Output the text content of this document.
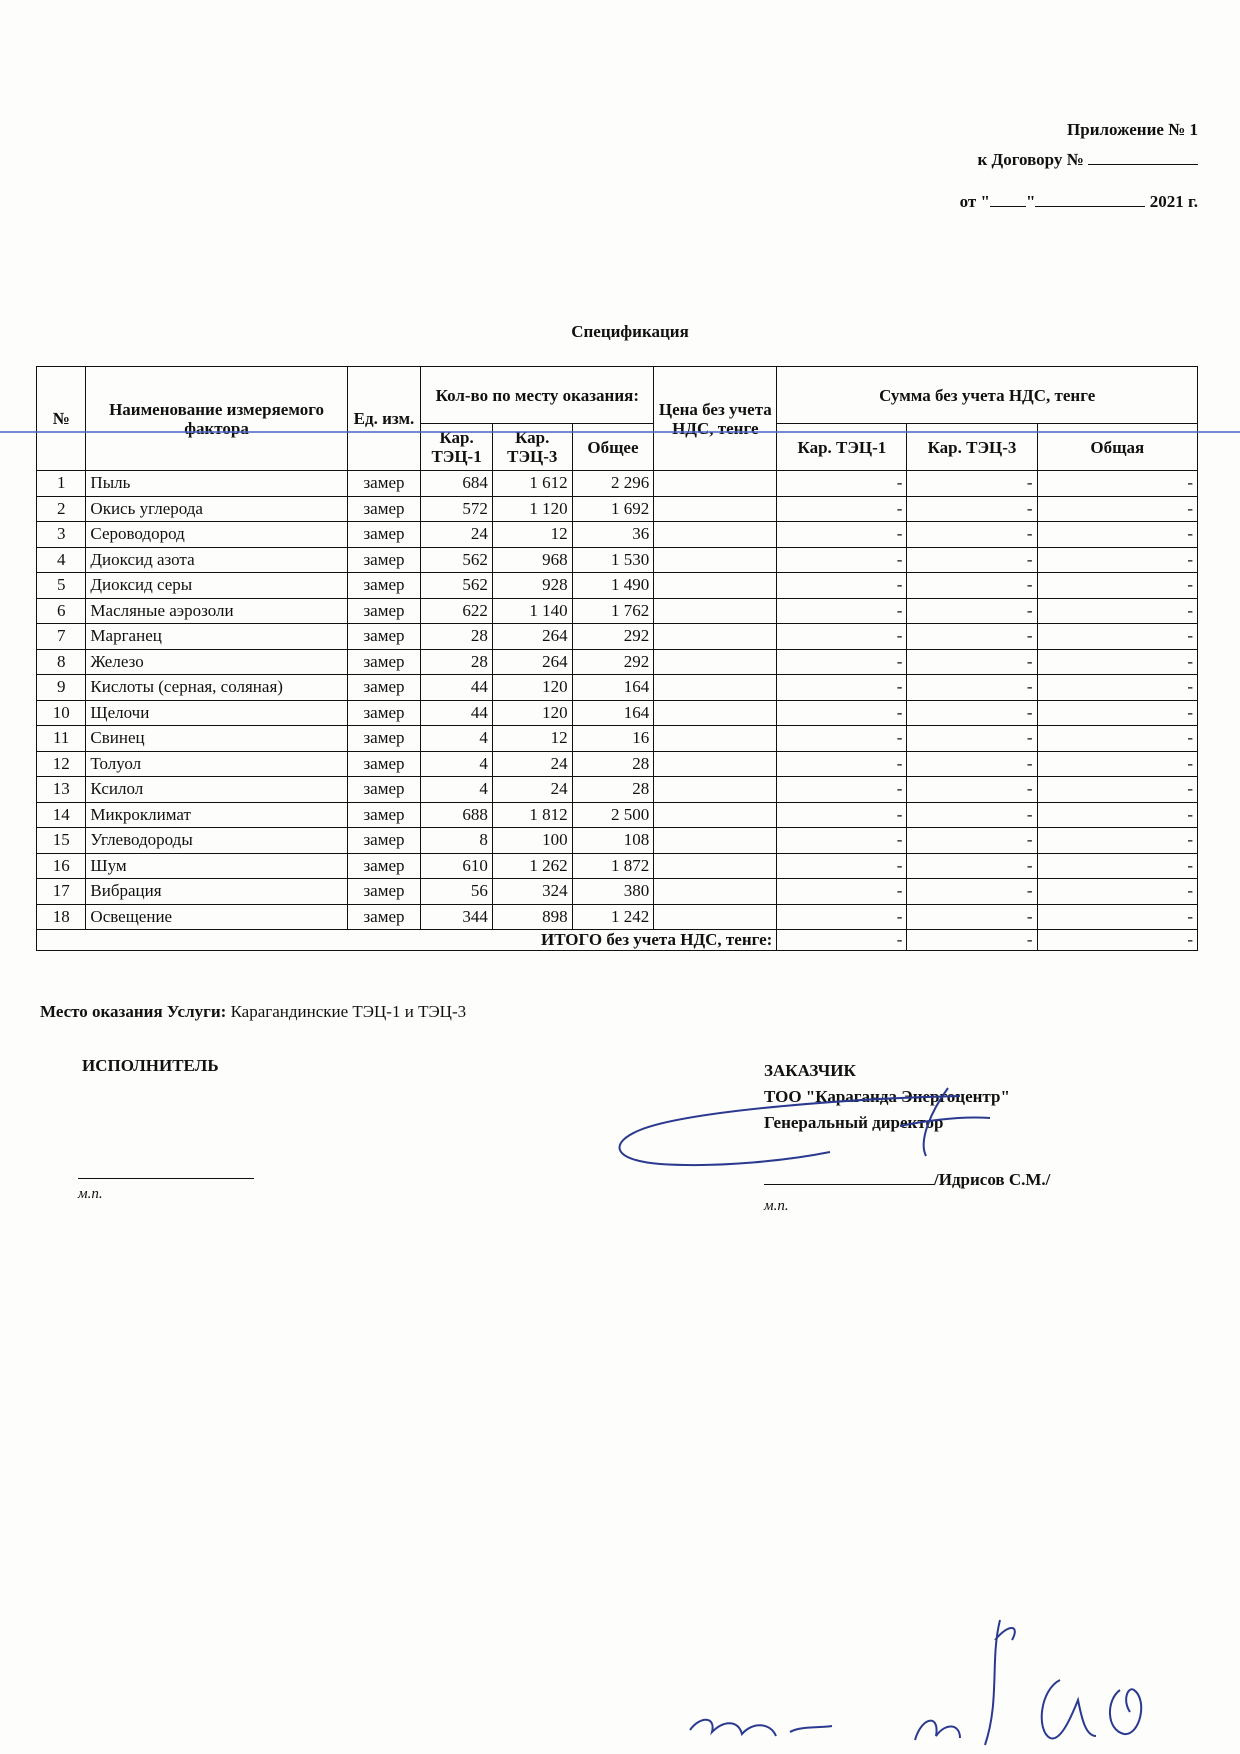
Приложение № 1
к Договору №
от " "	2021 г.
Спецификация
№	Наименование измеряемого фактора	Ед. изм.	Кол-во по месту оказания:			Цена без учета НДС, тенге	Сумма без учета НДС, тенге		
			Кар. ТЭЦ-1	Кар. ТЭЦ-3	Общее		Кар. ТЭЦ-1	Кар. ТЭЦ-3	Общая
1	Пыль	замер	684	1 612	2 296		-	-	-
2	Окись углерода	замер	572	1 120	1 692		-	-	-
3	Сероводород	замер	24	12	36		-	-	-
4	Диоксид азота	замер	562	968	1 530		-	-	-
5	Диоксид серы	замер	562	928	1 490		-	-	-
6	Масляные аэрозоли	замер	622	1 140	1 762		-	-	-
7	Марганец	замер	28	264	292		-	-	-
8	Железо	замер	28	264	292		-	-	-
9	Кислоты (серная, соляная)	замер	44	120	164		-	-	-
10	Щелочи	замер	44	120	164		-	-	-
11	Свинец	замер	4	12	16		-	-	-
12	Толуол	замер	4	24	28		-	-	-
13	Ксилол	замер	4	24	28		-	-	-
14	Микроклимат	замер	688	1 812	2 500		-	-	-
15	Углеводороды	замер	8	100	108		-	-	-
16	Шум	замер	610	1 262	1 872		-	-	-
17	Вибрация	замер	56	324	380		-	-	-
18	Освещение	замер	344	898	1 242		-	-	-
ИТОГО без учета НДС, тенге:							-	-	-
Место оказания Услуги: Карагандинские ТЭЦ-1 и ТЭЦ-3
ИСПОЛНИТЕЛЬ
м.п.
ЗАКАЗЧИК
ТОО "Караганда Энергоцентр"
Генеральный директор
/Идрисов С.М./
м.п.
